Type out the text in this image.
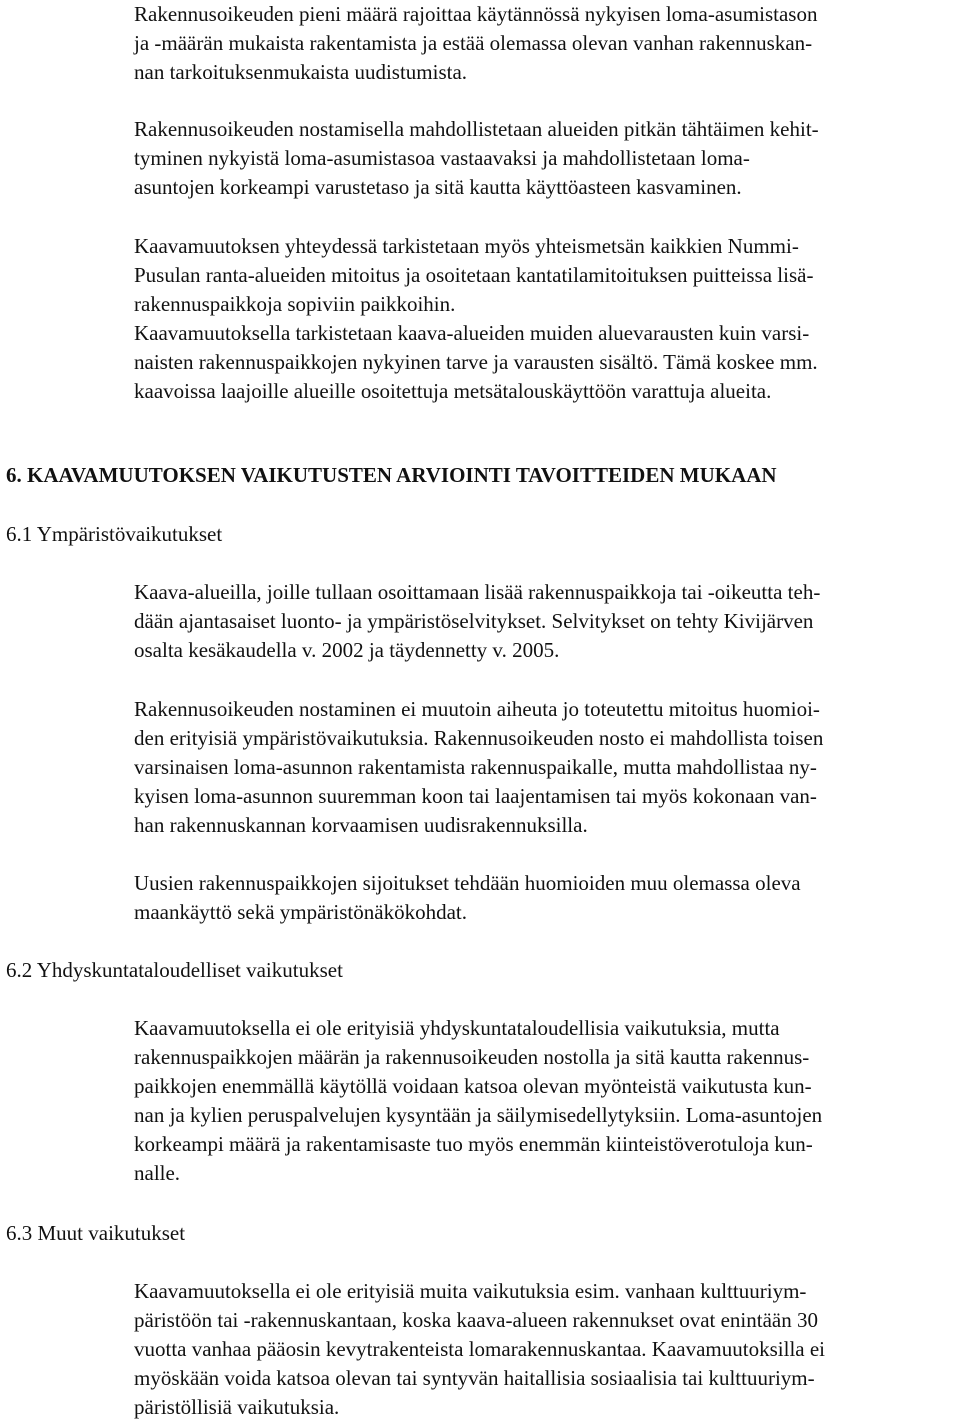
Rakennusoikeuden pieni määrä rajoittaa käytännössä nykyisen loma-asumistason
ja -määrän mukaista rakentamista ja estää olemassa olevan vanhan rakennuskan-
nan tarkoituksenmukaista uudistumista.
Rakennusoikeuden nostamisella mahdollistetaan alueiden pitkän tähtäimen kehit-
tyminen nykyistä loma-asumistasoa vastaavaksi ja mahdollistetaan loma-
asuntojen korkeampi varustetaso ja sitä kautta käyttöasteen kasvaminen.
Kaavamuutoksen yhteydessä tarkistetaan myös yhteismetsän kaikkien Nummi-
Pusulan ranta-alueiden mitoitus ja osoitetaan kantatilamitoituksen puitteissa lisä-
rakennuspaikkoja sopiviin paikkoihin.
Kaavamuutoksella tarkistetaan kaava-alueiden muiden aluevarausten kuin varsi-
naisten rakennuspaikkojen nykyinen tarve ja varausten sisältö. Tämä koskee mm.
kaavoissa laajoille alueille osoitettuja metsätalouskäyttöön varattuja alueita.
6. KAAVAMUUTOKSEN VAIKUTUSTEN ARVIOINTI TAVOITTEIDEN MUKAAN
6.1 Ympäristövaikutukset
Kaava-alueilla, joille tullaan osoittamaan lisää rakennuspaikkoja tai -oikeutta teh-
dään ajantasaiset luonto- ja ympäristöselvitykset. Selvitykset on tehty Kivijärven
osalta kesäkaudella v. 2002 ja täydennetty v. 2005.
Rakennusoikeuden nostaminen ei muutoin aiheuta jo toteutettu mitoitus huomioi-
den erityisiä ympäristövaikutuksia. Rakennusoikeuden nosto ei mahdollista toisen
varsinaisen loma-asunnon rakentamista rakennuspaikalle, mutta mahdollistaa ny-
kyisen loma-asunnon suuremman koon tai laajentamisen tai myös kokonaan van-
han rakennuskannan korvaamisen uudisrakennuksilla.
Uusien rakennuspaikkojen sijoitukset tehdään huomioiden muu olemassa oleva
maankäyttö sekä ympäristönäkökohdat.
6.2 Yhdyskuntataloudelliset vaikutukset
Kaavamuutoksella ei ole erityisiä yhdyskuntataloudellisia vaikutuksia, mutta
rakennuspaikkojen määrän ja rakennusoikeuden nostolla ja sitä kautta rakennus-
paikkojen enemmällä käytöllä voidaan katsoa olevan myönteistä vaikutusta kun-
nan ja kylien peruspalvelujen kysyntään ja säilymisedellytyksiin. Loma-asuntojen
korkeampi määrä ja rakentamisaste tuo myös enemmän kiinteistöverotuloja kun-
nalle.
6.3 Muut vaikutukset
Kaavamuutoksella ei ole erityisiä muita vaikutuksia esim. vanhaan kulttuuriym-
päristöön tai -rakennuskantaan, koska kaava-alueen rakennukset ovat enintään 30
vuotta vanhaa pääosin kevytrakenteista lomarakennuskantaa. Kaavamuutoksilla ei
myöskään voida katsoa olevan tai syntyvän haitallisia sosiaalisia tai kulttuuriym-
päristöllisiä vaikutuksia.
